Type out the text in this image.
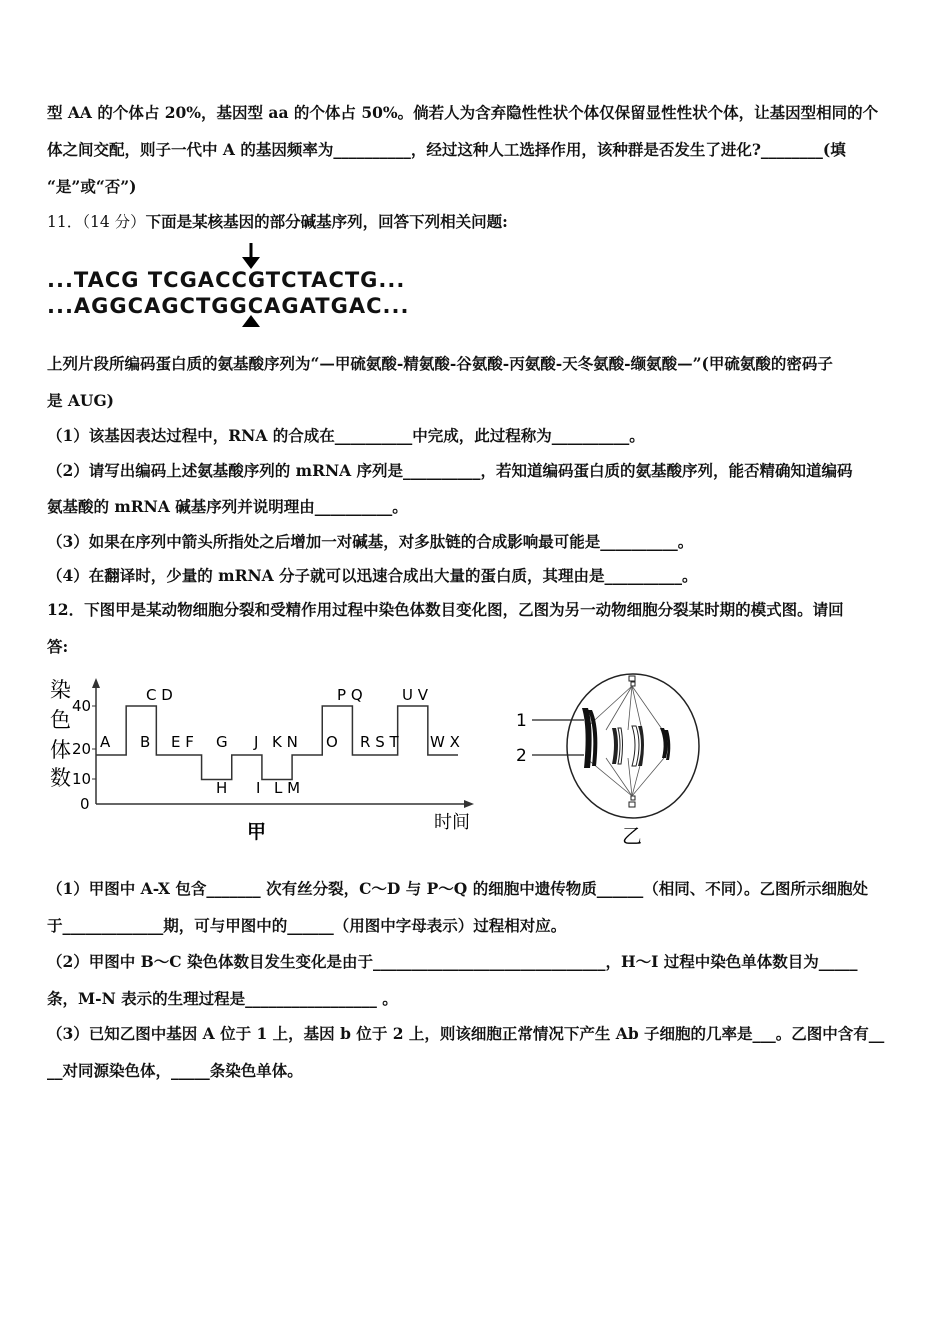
型 AA 的个体占 20%，基因型 aa 的个体占 50%。倘若人为含弃隐性性状个体仅保留显性性状个体，让基因型相同的个
体之间交配，则子一代中 A 的基因频率为__________，经过这种人工选择作用，该种群是否发生了进化?________(填
“是”或“否”)
11．（14 分）下面是某核基因的部分碱基序列，回答下列相关问题:
...TACG TCGACCGTCTACTG...
...AGGCAGCTGGCAGATGAC...
上列片段所编码蛋白质的氨基酸序列为“—甲硫氨酸-精氨酸-谷氨酸-丙氨酸-天冬氨酸-缬氨酸—”(甲硫氨酸的密码子
是 AUG)
（1）该基因表达过程中，RNA 的合成在__________中完成，此过程称为__________。
（2）请写出编码上述氨基酸序列的 mRNA 序列是__________，若知道编码蛋白质的氨基酸序列，能否精确知道编码
氨基酸的 mRNA 碱基序列并说明理由__________。
（3）如果在序列中箭头所指处之后增加一对碱基，对多肽链的合成影响最可能是__________。
（4）在翻译时，少量的 mRNA 分子就可以迅速合成出大量的蛋白质，其理由是__________。
12．下图甲是某动物细胞分裂和受精作用过程中染色体数目变化图，乙图为另一动物细胞分裂某时期的模式图。请回
答:
染
色
体
数
0
10
20
40
A B
C D
E F G J K N O
P Q
R S T
U V
W X
H I L M
时间
甲
1
2
乙
（1）甲图中 A-X 包含_______ 次有丝分裂，C～D 与 P～Q 的细胞中遗传物质______（相同、不同）。乙图所示细胞处
于_____________期，可与甲图中的______（用图中字母表示）过程相对应。
（2）甲图中 B～C 染色体数目发生变化是由于______________________________，H～I 过程中染色单体数目为_____
条，M-N 表示的生理过程是_________________ 。
（3）已知乙图中基因 A 位于 1 上，基因 b 位于 2 上，则该细胞正常情况下产生 Ab 子细胞的几率是___。乙图中含有__
__对同源染色体，_____条染色单体。
